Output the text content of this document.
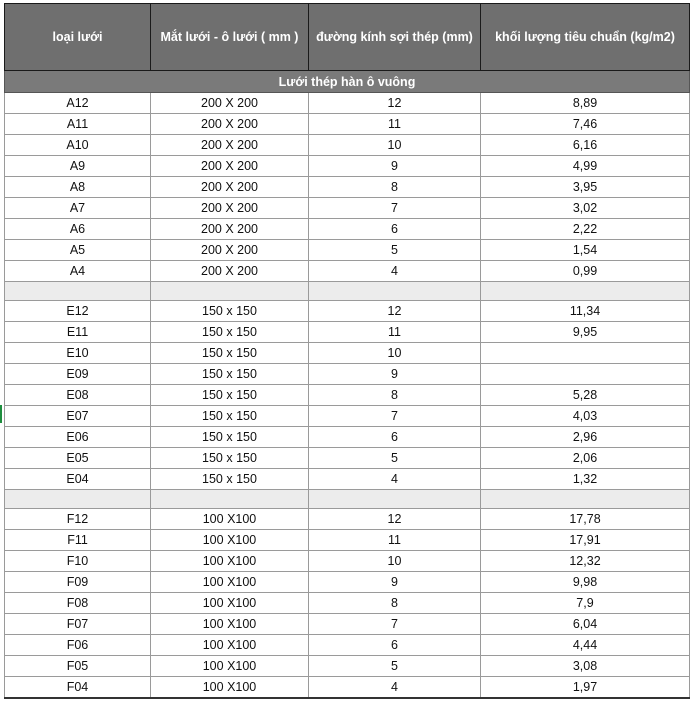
loại lưới	Mắt lưới - ô lưới ( mm )	đường kính sợi thép (mm)	khối lượng tiêu chuẩn (kg/m2)
Lưới thép hàn ô vuông			
A12	200 X 200	12	8,89
A11	200 X 200	11	7,46
A10	200 X 200	10	6,16
A9	200 X 200	9	4,99
A8	200 X 200	8	3,95
A7	200 X 200	7	3,02
A6	200 X 200	6	2,22
A5	200 X 200	5	1,54
A4	200 X 200	4	0,99

E12	150 x 150	12	11,34
E11	150 x 150	11	9,95
E10	150 x 150	10	
E09	150 x 150	9	
E08	150 x 150	8	5,28
E07	150 x 150	7	4,03
E06	150 x 150	6	2,96
E05	150 x 150	5	2,06
E04	150 x 150	4	1,32

F12	100 X100	12	17,78
F11	100 X100	11	17,91
F10	100 X100	10	12,32
F09	100 X100	9	9,98
F08	100 X100	8	7,9
F07	100 X100	7	6,04
F06	100 X100	6	4,44
F05	100 X100	5	3,08
F04	100 X100	4	1,97
